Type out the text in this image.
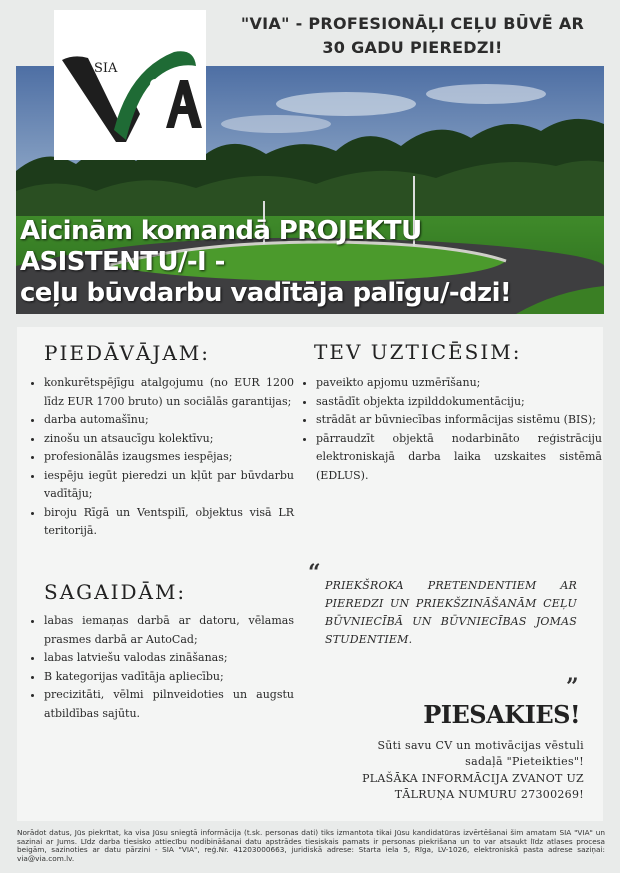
"VIA" - PROFESIONĀĻI CEĻU BŪVĒ AR
30 GADU PIEREDZI!
SIA
Aicinām komandā PROJEKTU
ASISTENTU/-I -
ceļu būvdarbu vadītāja palīgu/-dzi!
PIEDĀVĀJAM:
• konkurētspējīgu atalgojumu (no EUR 1200 līdz EUR 1700 bruto) un sociālās garantijas;
• darba automašīnu;
• zinošu un atsaucīgu kolektīvu;
• profesionālās izaugsmes iespējas;
• iespēju iegūt pieredzi un kļūt par būvdarbu vadītāju;
• biroju Rīgā un Ventspilī, objektus visā LR teritorijā.
TEV UZTICĒSIM:
• paveikto apjomu uzmērīšanu;
• sastādīt objekta izpilddokumentāciju;
• strādāt ar būvniecības informācijas sistēmu (BIS);
• pārraudzīt objektā nodarbināto reģistrāciju elektroniskajā darba laika uzskaites sistēmā (EDLUS).
SAGAIDĀM:
• labas iemaņas darbā ar datoru, vēlamas prasmes darbā ar AutoCad;
• labas latviešu valodas zināšanas;
• B kategorijas vadītāja apliecību;
• precizitāti, vēlmi pilnveidoties un augstu atbildības sajūtu.
“ PRIEKŠROKA PRETENDENTIEM AR PIEREDZI UN PRIEKŠZINĀŠANĀM CEĻU BŪVNIECĪBĀ UN BŪVNIECĪBAS JOMAS STUDENTIEM.
”
PIESAKIES!
Sūti savu CV un motivācijas vēstuli
sadaļā "Pieteikties"!
PLAŠĀKA INFORMĀCIJA ZVANOT UZ
TĀLRUŅA NUMURU 27300269!
Norādot datus, Jūs piekrītat, ka visa Jūsu sniegtā informācija (t.sk. personas dati) tiks izmantota tikai Jūsu kandidatūras izvērtēšanai šim amatam SIA "VIA" un sazinai ar Jums. Līdz darba tiesisko attiecību nodibināšanai datu apstrādes tiesiskais pamats ir personas piekrišana un to var atsaukt līdz atlases procesa beigām, sazinoties ar datu pārzini - SIA "VIA", reģ.Nr. 41203000663, juridiskā adrese: Starta iela 5, Rīga, LV-1026, elektroniskā pasta adrese saziņai: via@via.com.lv.
